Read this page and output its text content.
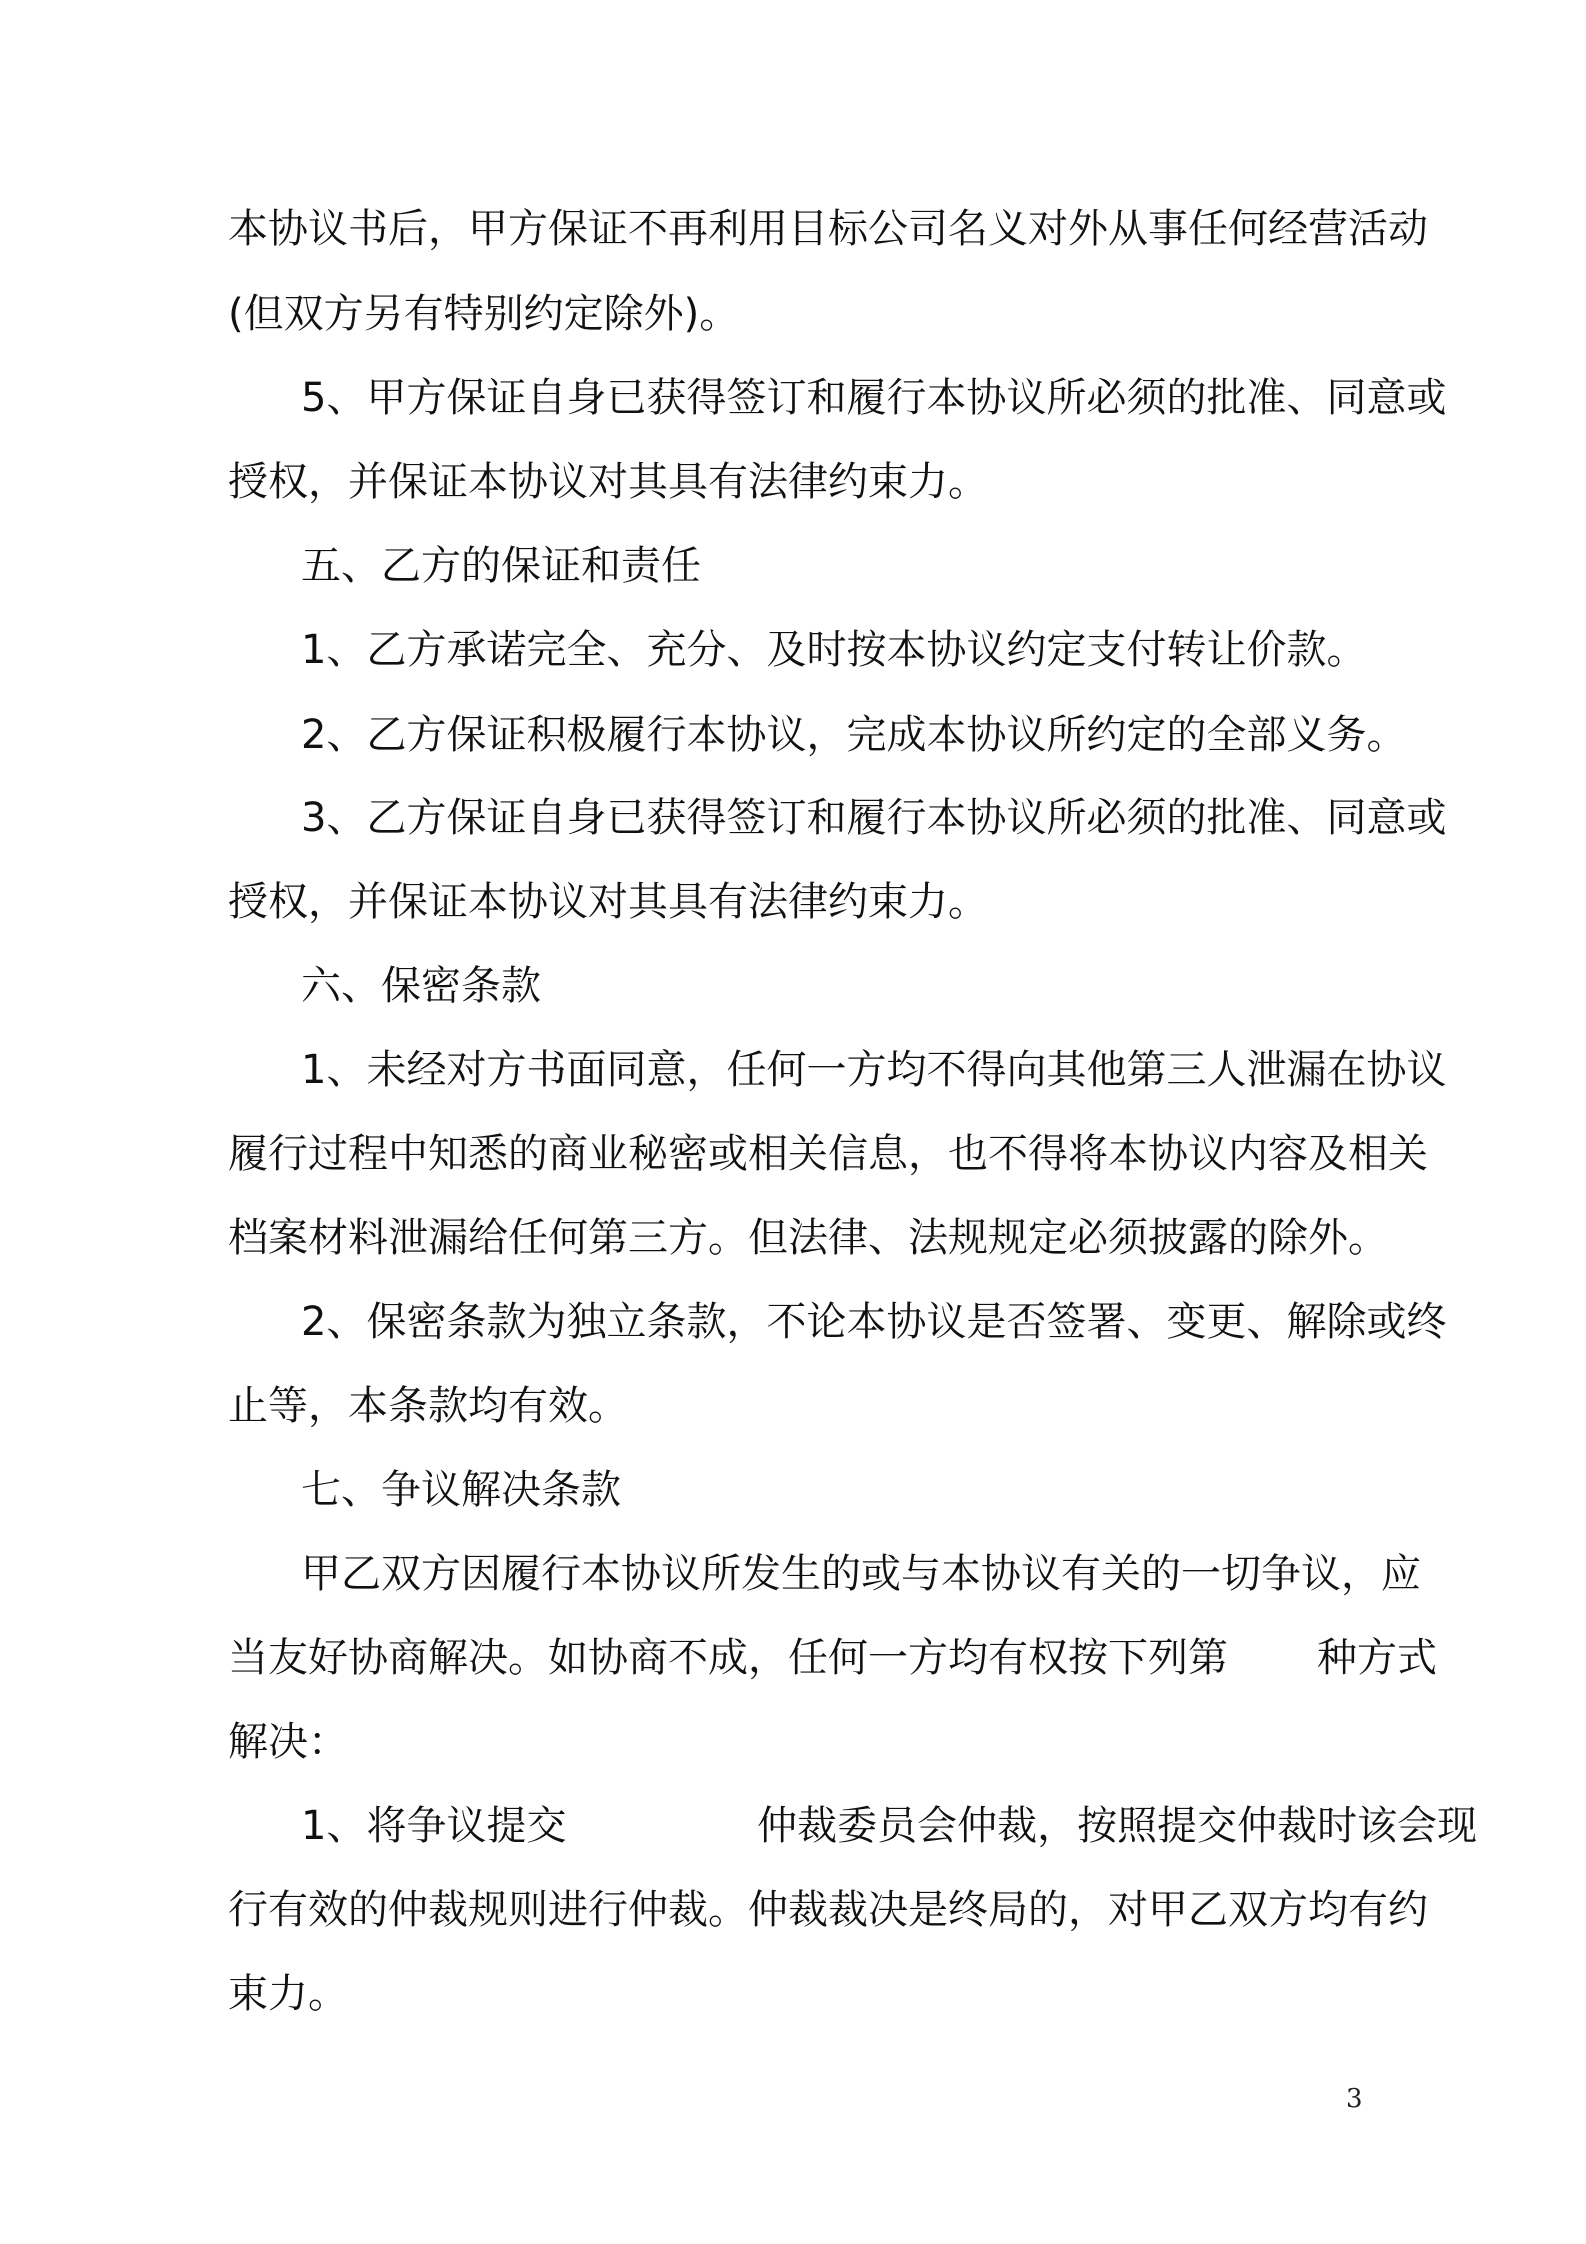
本协议书后，甲方保证不再利用目标公司名义对外从事任何经营活动
(但双方另有特别约定除外)。
5、甲方保证自身已获得签订和履行本协议所必须的批准、同意或
授权，并保证本协议对其具有法律约束力。
五、乙方的保证和责任
1、乙方承诺完全、充分、及时按本协议约定支付转让价款。
2、乙方保证积极履行本协议，完成本协议所约定的全部义务。
3、乙方保证自身已获得签订和履行本协议所必须的批准、同意或
授权，并保证本协议对其具有法律约束力。
六、保密条款
1、未经对方书面同意，任何一方均不得向其他第三人泄漏在协议
履行过程中知悉的商业秘密或相关信息，也不得将本协议内容及相关
档案材料泄漏给任何第三方。但法律、法规规定必须披露的除外。
2、保密条款为独立条款，不论本协议是否签署、变更、解除或终
止等，本条款均有效。
七、争议解决条款
甲乙双方因履行本协议所发生的或与本协议有关的一切争议，应
当友好协商解决。如协商不成，任何一方均有权按下列第       种方式
解决：
1、将争议提交               仲裁委员会仲裁，按照提交仲裁时该会现
行有效的仲裁规则进行仲裁。仲裁裁决是终局的，对甲乙双方均有约
束力。
3
